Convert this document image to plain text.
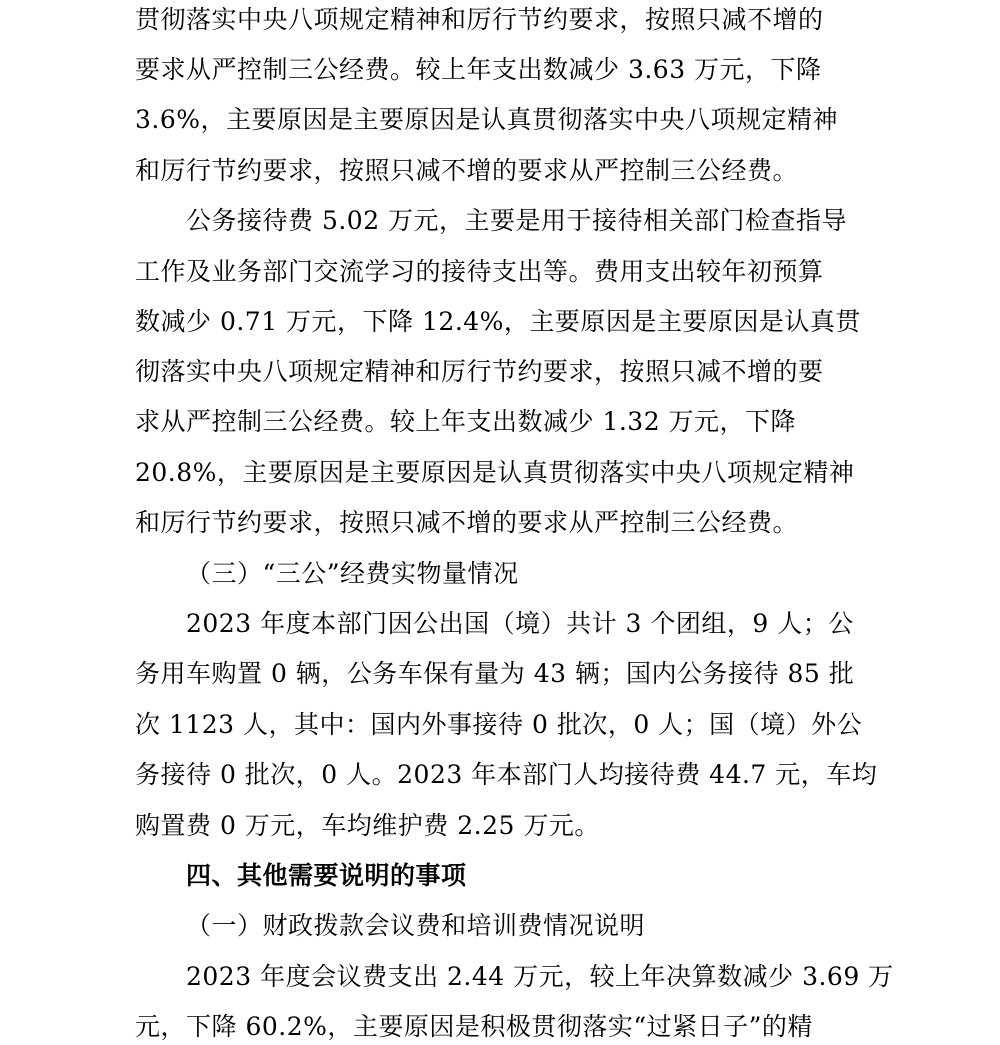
贯彻落实中央八项规定精神和厉行节约要求，按照只减不增的
要求从严控制三公经费。较上年支出数减少 3.63 万元，下降
3.6%，主要原因是主要原因是认真贯彻落实中央八项规定精神
和厉行节约要求，按照只减不增的要求从严控制三公经费。
公务接待费 5.02 万元，主要是用于接待相关部门检查指导
工作及业务部门交流学习的接待支出等。费用支出较年初预算
数减少 0.71 万元，下降 12.4%，主要原因是主要原因是认真贯
彻落实中央八项规定精神和厉行节约要求，按照只减不增的要
求从严控制三公经费。较上年支出数减少 1.32 万元，下降
20.8%，主要原因是主要原因是认真贯彻落实中央八项规定精神
和厉行节约要求，按照只减不增的要求从严控制三公经费。
（三）“三公”经费实物量情况
2023 年度本部门因公出国（境）共计 3 个团组，9 人；公
务用车购置 0 辆，公务车保有量为 43 辆；国内公务接待 85 批
次 1123 人，其中：国内外事接待 0 批次，0 人；国（境）外公
务接待 0 批次，0 人。2023 年本部门人均接待费 44.7 元，车均
购置费 0 万元，车均维护费 2.25 万元。
四、其他需要说明的事项
（一）财政拨款会议费和培训费情况说明
2023 年度会议费支出 2.44 万元，较上年决算数减少 3.69 万
元，下降 60.2%，主要原因是积极贯彻落实“过紧日子”的精
